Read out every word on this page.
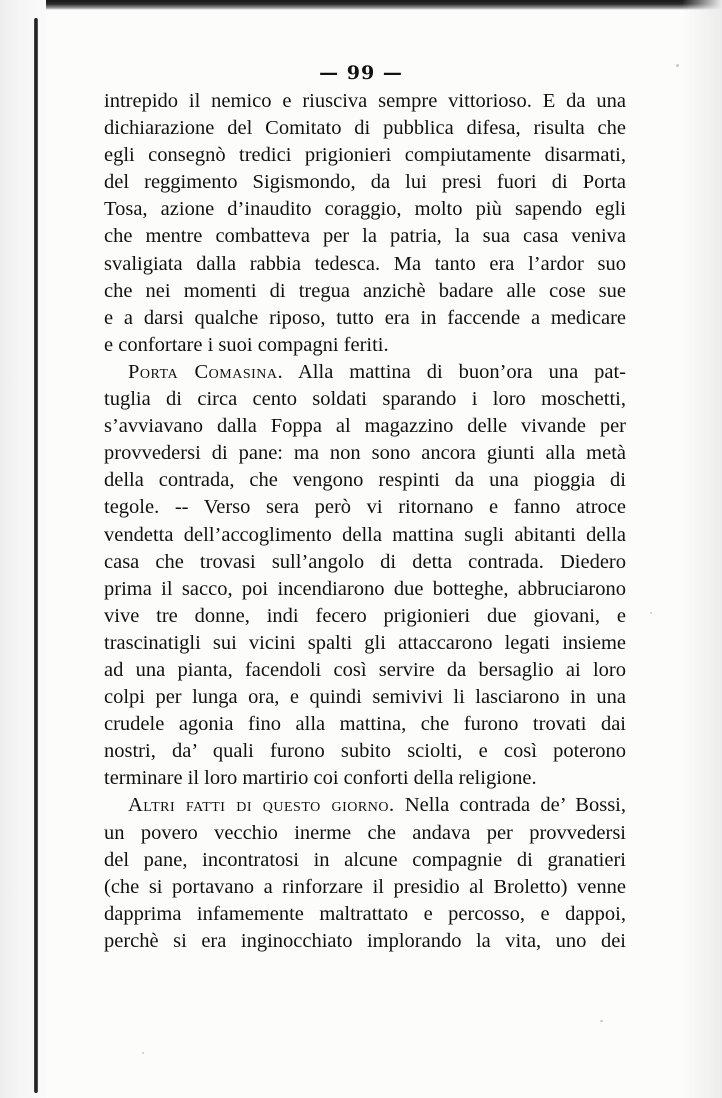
— 99 —
intrepido il nemico e riusciva sempre vittorioso. E da una
dichiarazione del Comitato di pubblica difesa, risulta che
egli consegnò tredici prigionieri compiutamente disarmati,
del reggimento Sigismondo, da lui presi fuori di Porta
Tosa, azione d’inaudito coraggio, molto più sapendo egli
che mentre combatteva per la patria, la sua casa veniva
svaligiata dalla rabbia tedesca. Ma tanto era l’ardor suo
che nei momenti di tregua anzichè badare alle cose sue
e a darsi qualche riposo, tutto era in faccende a medicare
e confortare i suoi compagni feriti.
Porta Comasina. Alla mattina di buon’ora una pat-
tuglia di circa cento soldati sparando i loro moschetti,
s’avviavano dalla Foppa al magazzino delle vivande per
provvedersi di pane: ma non sono ancora giunti alla metà
della contrada, che vengono respinti da una pioggia di
tegole. -- Verso sera però vi ritornano e fanno atroce
vendetta dell’accoglimento della mattina sugli abitanti della
casa che trovasi sull’angolo di detta contrada. Diedero
prima il sacco, poi incendiarono due botteghe, abbruciarono
vive tre donne, indi fecero prigionieri due giovani, e
trascinatigli sui vicini spalti gli attaccarono legati insieme
ad una pianta, facendoli così servire da bersaglio ai loro
colpi per lunga ora, e quindi semivivi li lasciarono in una
crudele agonia fino alla mattina, che furono trovati dai
nostri, da’ quali furono subito sciolti, e così poterono
terminare il loro martirio coi conforti della religione.
Altri fatti di questo giorno. Nella contrada de’ Bossi,
un povero vecchio inerme che andava per provvedersi
del pane, incontratosi in alcune compagnie di granatieri
(che si portavano a rinforzare il presidio al Broletto) venne
dapprima infamemente maltrattato e percosso, e dappoi,
perchè si era inginocchiato implorando la vita, uno dei
